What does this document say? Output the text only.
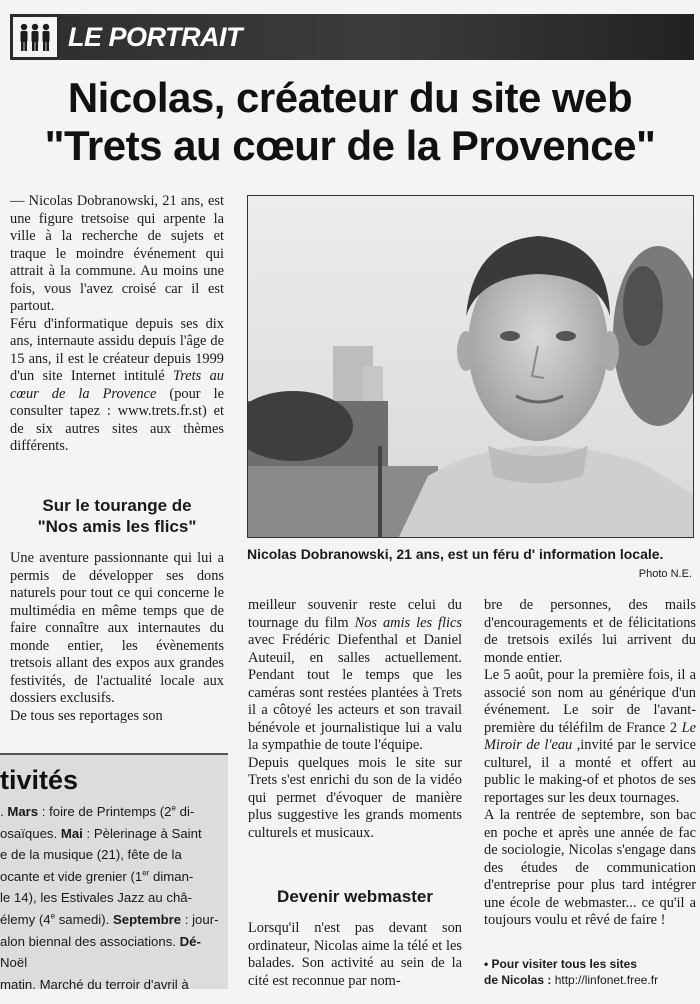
LE PORTRAIT
Nicolas, créateur du site web
"Trets au cœur de la Provence"

— Nicolas Dobranowski, 21 ans, est une figure tretsoise qui arpente la ville à la recherche de sujets et traque le moindre événement qui attrait à la commune. Au moins une fois, vous l'avez croisé car il est partout.

Féru d'informatique depuis ses dix ans, internaute assidu depuis l'âge de 15 ans, il est le créateur depuis 1999 d'un site Internet intitulé Trets au cœur de la Provence (pour le consulter tapez : www.trets.fr.st) et de six autres sites aux thèmes différents.

Sur le tourange de
"Nos amis les flics"

Une aventure passionnante qui lui a permis de développer ses dons naturels pour tout ce qui concerne le multimédia en même temps que de faire connaître aux internautes du monde entier, les évènements tretsois allant des expos aux grandes festivités, de l'actualité locale aux dossiers exclusifs.

De tous ses reportages son

Nicolas Dobranowski, 21 ans, est un féru d' information locale.
Photo N.E.

meilleur souvenir reste celui du tournage du film Nos amis les flics avec Frédéric Diefenthal et Daniel Auteuil, en salles actuellement. Pendant tout le temps que les caméras sont restées plantées à Trets il a côtoyé les acteurs et son travail bénévole et journalistique lui a valu la sympathie de toute l'équipe.

Depuis quelques mois le site sur Trets s'est enrichi du son de la vidéo qui permet d'évoquer de manière plus suggestive les grands moments culturels et musicaux.

Devenir webmaster

Lorsqu'il n'est pas devant son ordinateur, Nicolas aime la télé et les balades. Son activité au sein de la cité est reconnue par nom-

bre de personnes, des mails d'encouragements et de félicitations de tretsois exilés lui arrivent du monde entier.

Le 5 août, pour la première fois, il a associé son nom au générique d'un événement. Le soir de l'avant-première du téléfilm de France 2 Le Miroir de l'eau ,invité par le service culturel, il a monté et offert au public le making-of et photos de ses reportages sur les deux tournages.

A la rentrée de septembre, son bac en poche et après une année de fac de sociologie, Nicolas s'engage dans des études de communication d'entreprise pour plus tard intégrer une école de webmaster... ce qu'il a toujours voulu et rêvé de faire !

• Pour visiter tous les sites
de Nicolas : http://linfonet.free.fr
tivités
. Mars : foire de Printemps (2e di-
osaïques. Mai : Pèlerinage à Saint
e de la musique (21), fête de la
ocante et vide grenier (1er diman-
le 14), les Estivales Jazz au châ-
élemy (4e samedi). Septembre : jour-
alon biennal des associations. Dé-
Noël
matin. Marché du terroir d'avril à
